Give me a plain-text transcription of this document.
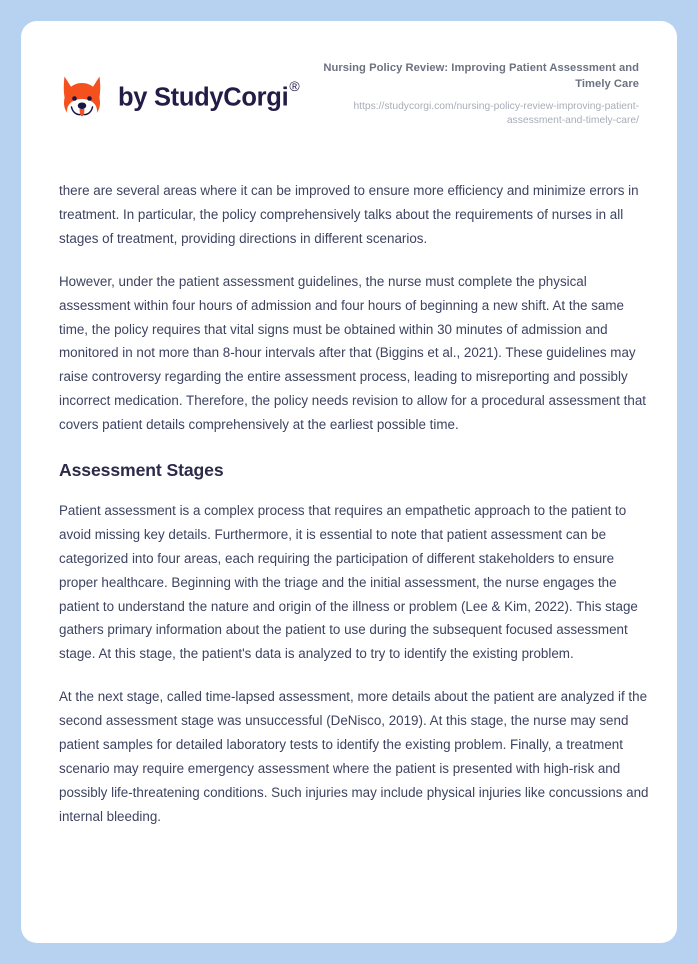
by StudyCorgi®
Nursing Policy Review: Improving Patient Assessment and Timely Care
https://studycorgi.com/nursing-policy-review-improving-patient-assessment-and-timely-care/

there are several areas where it can be improved to ensure more efficiency and minimize errors in treatment. In particular, the policy comprehensively talks about the requirements of nurses in all stages of treatment, providing directions in different scenarios.

However, under the patient assessment guidelines, the nurse must complete the physical assessment within four hours of admission and four hours of beginning a new shift. At the same time, the policy requires that vital signs must be obtained within 30 minutes of admission and monitored in not more than 8-hour intervals after that (Biggins et al., 2021). These guidelines may raise controversy regarding the entire assessment process, leading to misreporting and possibly incorrect medication. Therefore, the policy needs revision to allow for a procedural assessment that covers patient details comprehensively at the earliest possible time.

Assessment Stages

Patient assessment is a complex process that requires an empathetic approach to the patient to avoid missing key details. Furthermore, it is essential to note that patient assessment can be categorized into four areas, each requiring the participation of different stakeholders to ensure proper healthcare. Beginning with the triage and the initial assessment, the nurse engages the patient to understand the nature and origin of the illness or problem (Lee & Kim, 2022). This stage gathers primary information about the patient to use during the subsequent focused assessment stage. At this stage, the patient's data is analyzed to try to identify the existing problem.

At the next stage, called time-lapsed assessment, more details about the patient are analyzed if the second assessment stage was unsuccessful (DeNisco, 2019). At this stage, the nurse may send patient samples for detailed laboratory tests to identify the existing problem. Finally, a treatment scenario may require emergency assessment where the patient is presented with high-risk and possibly life-threatening conditions. Such injuries may include physical injuries like concussions and internal bleeding.
